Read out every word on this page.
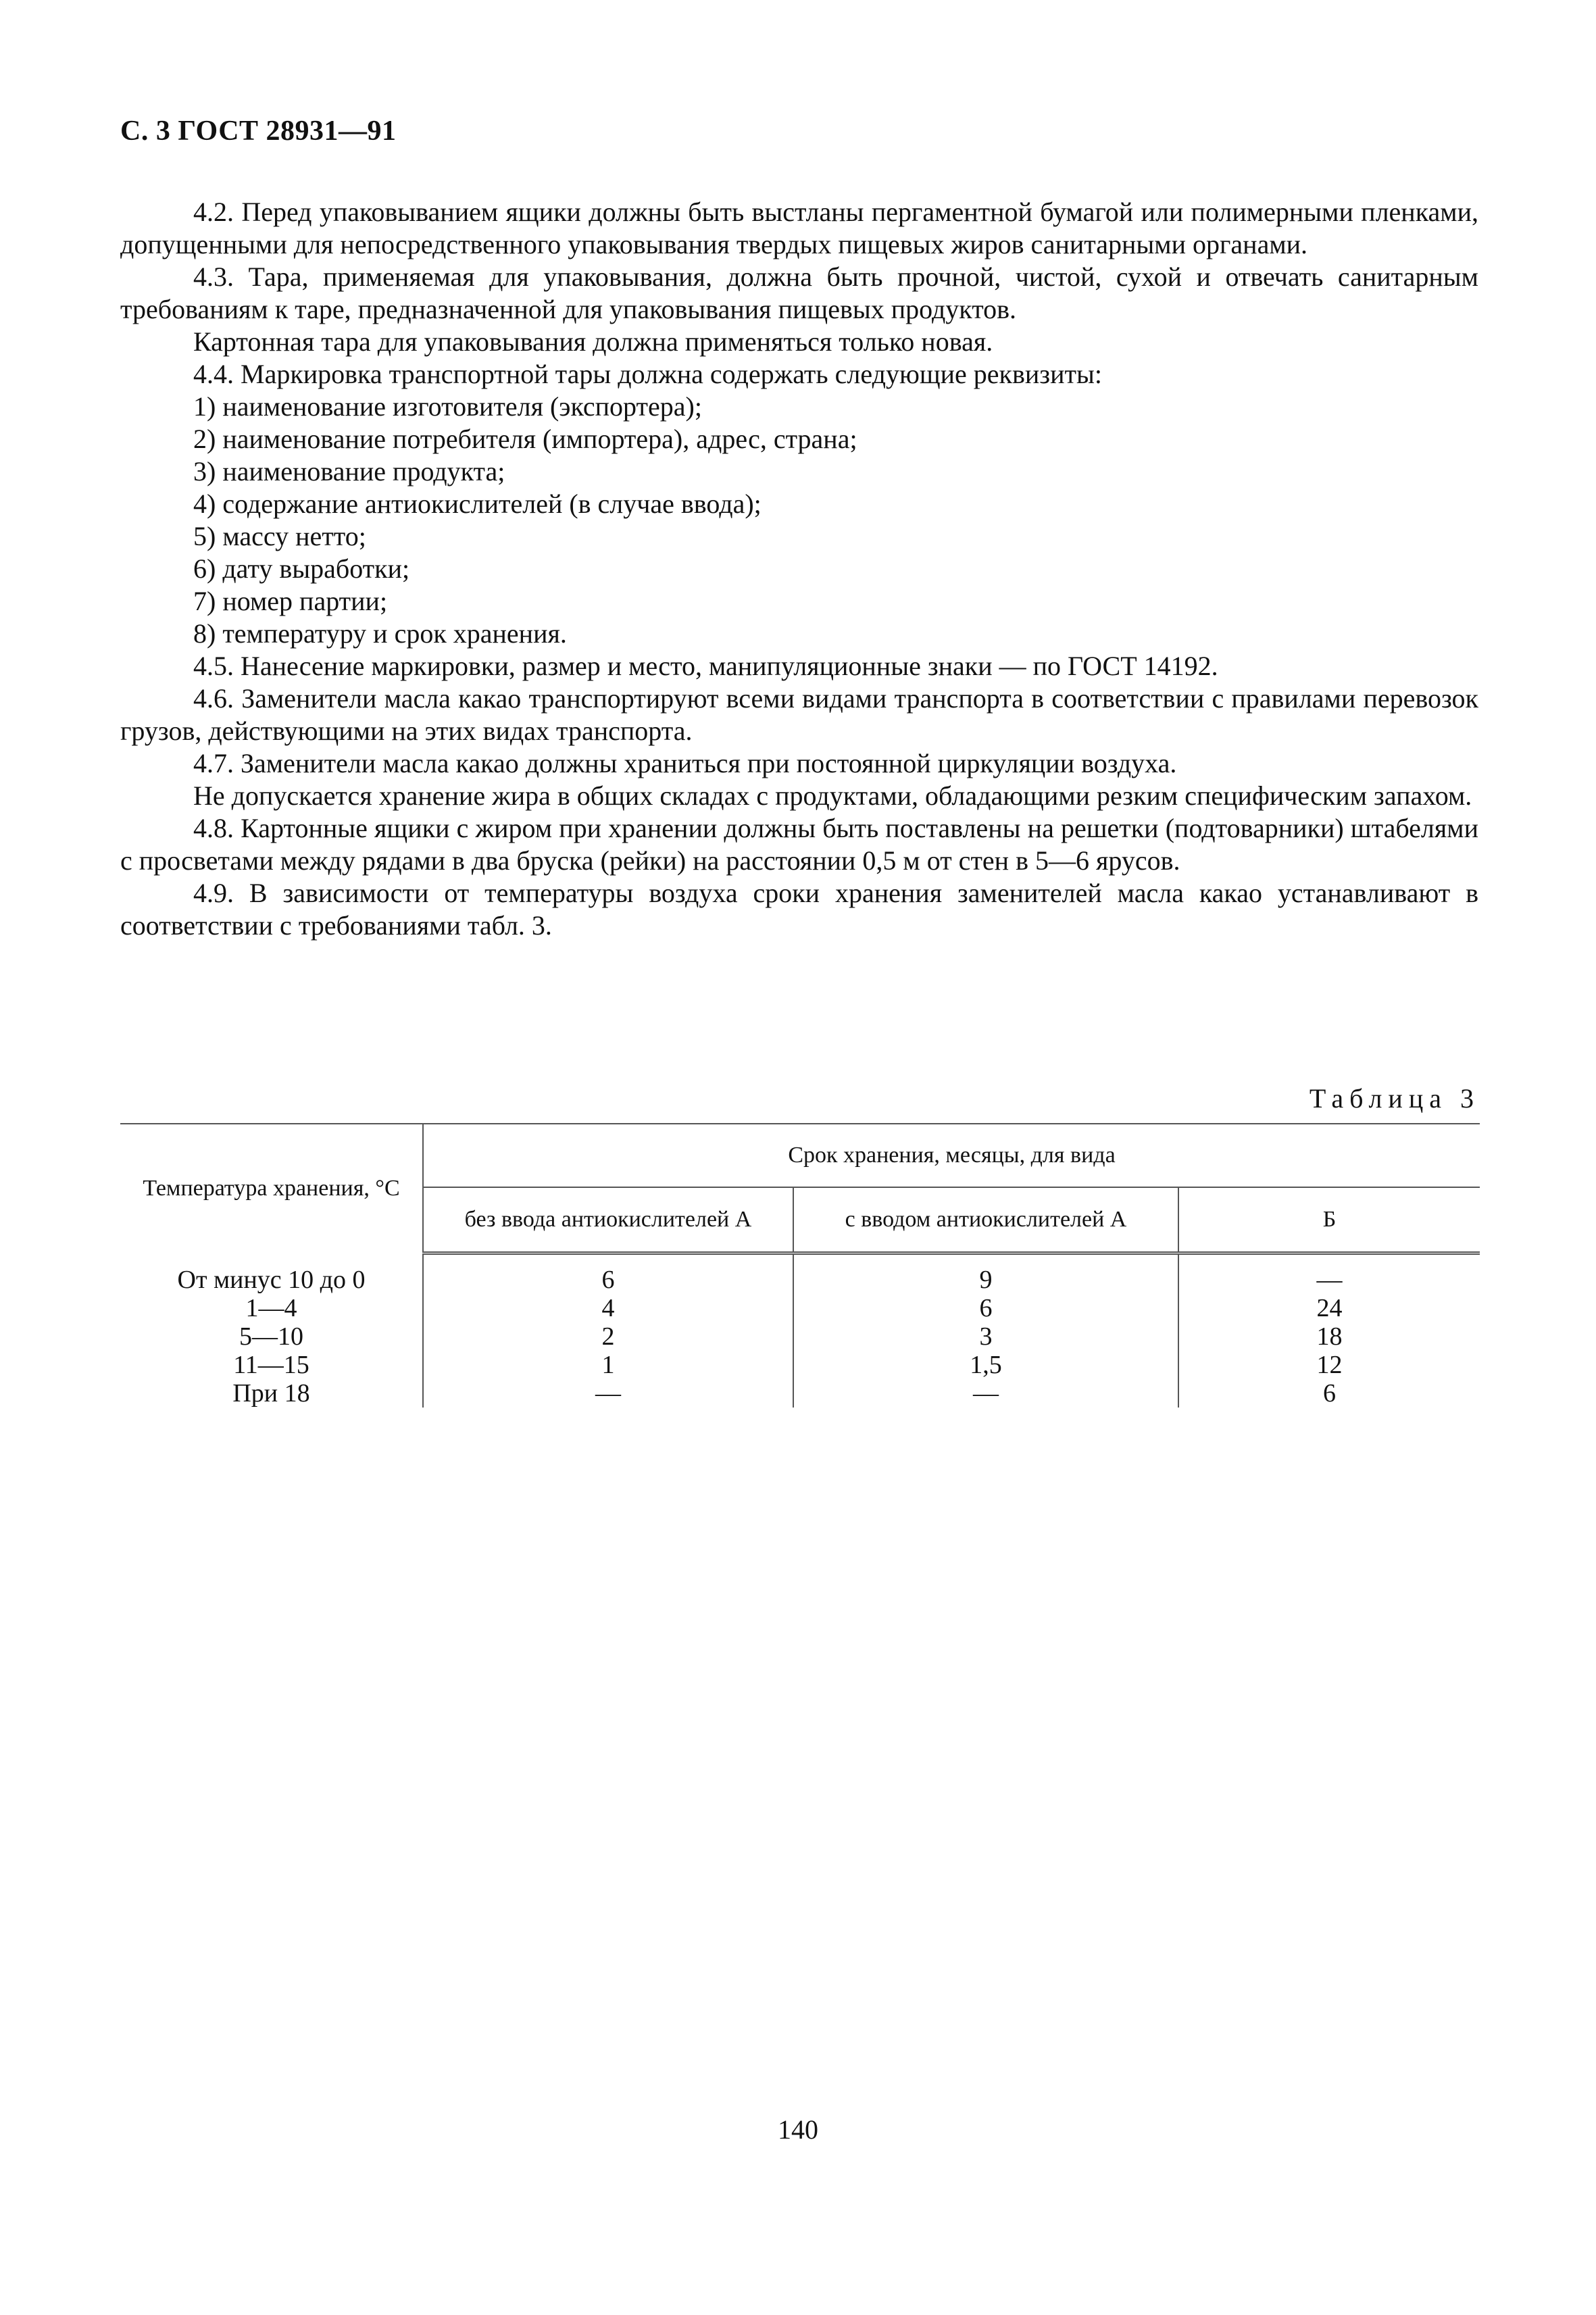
С. 3 ГОСТ 28931—91

4.2. Перед упаковыванием ящики должны быть выстланы пергаментной бумагой или полимерными пленками, допущенными для непосредственного упаковывания твердых пищевых жиров санитарными органами.

4.3. Тара, применяемая для упаковывания, должна быть прочной, чистой, сухой и отвечать санитарным требованиям к таре, предназначенной для упаковывания пищевых продуктов.

Картонная тара для упаковывания должна применяться только новая.

4.4. Маркировка транспортной тары должна содержать следующие реквизиты:

1) наименование изготовителя (экспортера);

2) наименование потребителя (импортера), адрес, страна;

3) наименование продукта;

4) содержание антиокислителей (в случае ввода);

5) массу нетто;

6) дату выработки;

7) номер партии;

8) температуру и срок хранения.

4.5. Нанесение маркировки, размер и место, манипуляционные знаки — по ГОСТ 14192.

4.6. Заменители масла какао транспортируют всеми видами транспорта в соответствии с правилами перевозок грузов, действующими на этих видах транспорта.

4.7. Заменители масла какао должны храниться при постоянной циркуляции воздуха.

Не допускается хранение жира в общих складах с продуктами, обладающими резким специфическим запахом.

4.8. Картонные ящики с жиром при хранении должны быть поставлены на решетки (подтоварники) штабелями с просветами между рядами в два бруска (рейки) на расстоянии 0,5 м от стен в 5—6 ярусов.

4.9. В зависимости от температуры воздуха сроки хранения заменителей масла какао устанавливают в соответствии с требованиями табл. 3.

Таблица 3
Температура хранения, °С	Срок хранения, месяцы, для вида		
	без ввода антиокислителей А	с вводом антиокислителей А	Б

От минус 10 до 0	6	9	—
1—4	4	6	24
5—10	2	3	18
11—15	1	1,5	12
При 18	—	—	6
140
